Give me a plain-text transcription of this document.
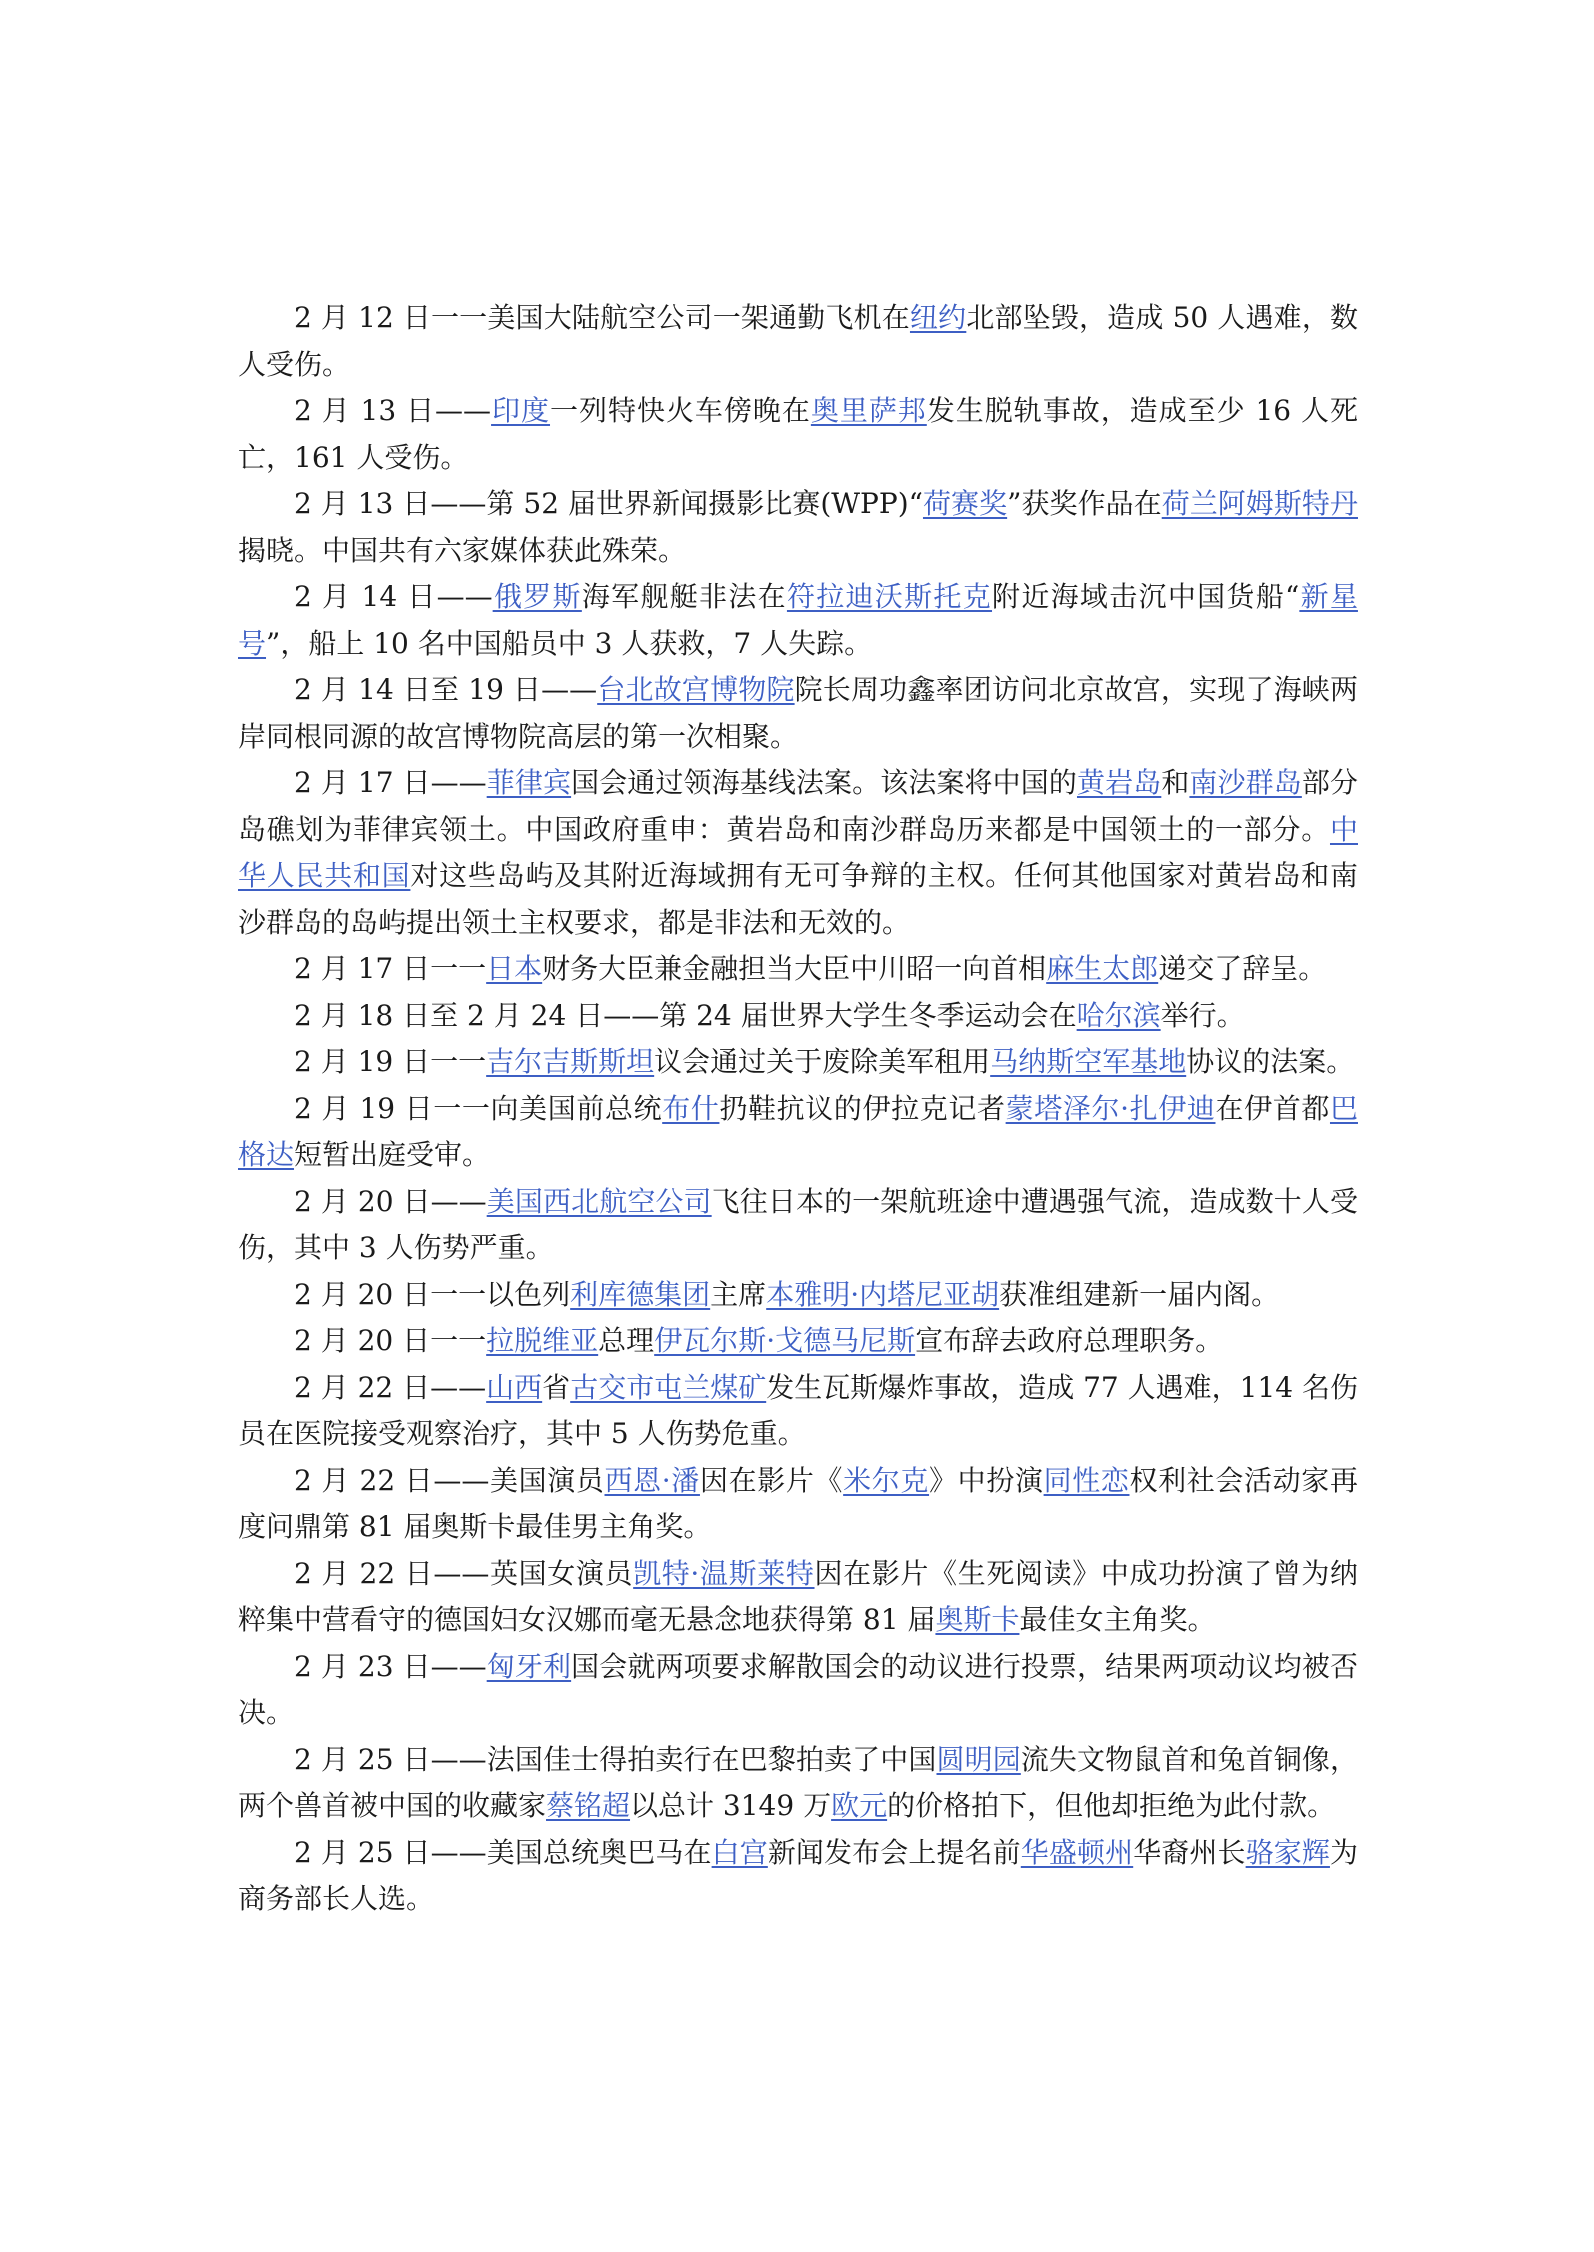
2 月 12 日一一美国大陆航空公司一架通勤飞机在纽约北部坠毁，造成 50 人遇难，数人受伤。

2 月 13 日——印度一列特快火车傍晚在奥里萨邦发生脱轨事故，造成至少 16 人死亡，161 人受伤。

2 月 13 日——第 52 届世界新闻摄影比赛(WPP)“荷赛奖”获奖作品在荷兰阿姆斯特丹揭晓。中国共有六家媒体获此殊荣。

2 月 14 日——俄罗斯海军舰艇非法在符拉迪沃斯托克附近海域击沉中国货船“新星号”，船上 10 名中国船员中 3 人获救，7 人失踪。

2 月 14 日至 19 日——台北故宫博物院院长周功鑫率团访问北京故宫，实现了海峡两岸同根同源的故宫博物院高层的第一次相聚。

2 月 17 日——菲律宾国会通过领海基线法案。该法案将中国的黄岩岛和南沙群岛部分岛礁划为菲律宾领土。中国政府重申：黄岩岛和南沙群岛历来都是中国领土的一部分。中华人民共和国对这些岛屿及其附近海域拥有无可争辩的主权。任何其他国家对黄岩岛和南沙群岛的岛屿提出领土主权要求，都是非法和无效的。

2 月 17 日一一日本财务大臣兼金融担当大臣中川昭一向首相麻生太郎递交了辞呈。

2 月 18 日至 2 月 24 日——第 24 届世界大学生冬季运动会在哈尔滨举行。

2 月 19 日一一吉尔吉斯斯坦议会通过关于废除美军租用马纳斯空军基地协议的法案。

2 月 19 日一一向美国前总统布什扔鞋抗议的伊拉克记者蒙塔泽尔·扎伊迪在伊首都巴格达短暂出庭受审。

2 月 20 日——美国西北航空公司飞往日本的一架航班途中遭遇强气流，造成数十人受伤，其中 3 人伤势严重。

2 月 20 日一一以色列利库德集团主席本雅明·内塔尼亚胡获准组建新一届内阁。

2 月 20 日一一拉脱维亚总理伊瓦尔斯·戈德马尼斯宣布辞去政府总理职务。

2 月 22 日——山西省古交市屯兰煤矿发生瓦斯爆炸事故，造成 77 人遇难，114 名伤员在医院接受观察治疗，其中 5 人伤势危重。

2 月 22 日——美国演员西恩·潘因在影片《米尔克》中扮演同性恋权利社会活动家再度问鼎第 81 届奥斯卡最佳男主角奖。

2 月 22 日——英国女演员凯特·温斯莱特因在影片《生死阅读》中成功扮演了曾为纳粹集中营看守的德国妇女汉娜而毫无悬念地获得第 81 届奥斯卡最佳女主角奖。

2 月 23 日——匈牙利国会就两项要求解散国会的动议进行投票，结果两项动议均被否决。

2 月 25 日——法国佳士得拍卖行在巴黎拍卖了中国圆明园流失文物鼠首和兔首铜像，两个兽首被中国的收藏家蔡铭超以总计 3149 万欧元的价格拍下，但他却拒绝为此付款。

2 月 25 日——美国总统奥巴马在白宫新闻发布会上提名前华盛顿州华裔州长骆家辉为商务部长人选。
